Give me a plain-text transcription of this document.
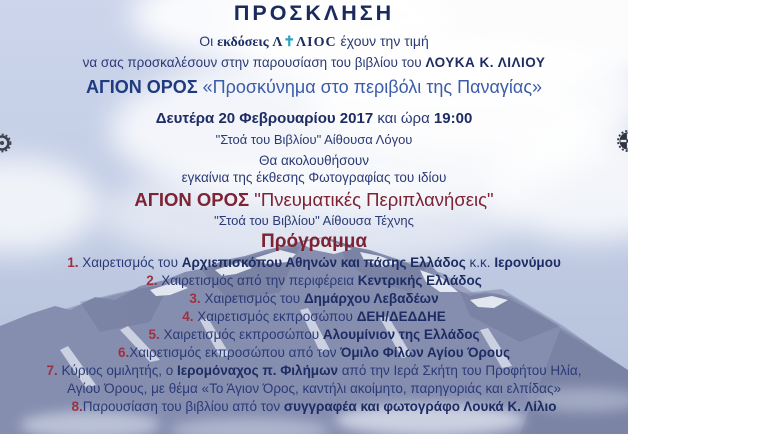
ΠΡΟΣΚΛΗΣΗ
Οι εκδόσεις Λ✝ΛΙΟC έχουν την τιμή
να σας προσκαλέσουν στην παρουσίαση του βιβλίου του ΛΟΥΚΑ Κ. ΛΙΛΙΟΥ
ΑΓΙΟΝ ΟΡΟΣ «Προσκύνημα στο περιβόλι της Παναγίας»
Δευτέρα 20 Φεβρουαρίου 2017 και ώρα 19:00
"Στοά του Βιβλίου" Αίθουσα Λόγου
Θα ακολουθήσουν
εγκαίνια της έκθεσης Φωτογραφίας του ιδίου
ΑΓΙΟΝ ΟΡΟΣ "Πνευματικές Περιπλανήσεις"
"Στοά του Βιβλίου" Αίθουσα Τέχνης
Πρόγραμμα
1. Χαιρετισμός του Αρχιεπισκόπου Αθηνών και πάσης Ελλάδος κ.κ. Ιερονύμου
2. Χαιρετισμός από την περιφέρεια Κεντρικής Ελλάδος
3. Χαιρετισμός του Δημάρχου Λεβαδέων
4. Χαιρετισμός εκπροσώπου ΔΕΗ/ΔΕΔΔΗΕ
5. Χαιρετισμός εκπροσώπου Αλουμίνιον της Ελλάδος
6.Χαιρετισμός εκπροσώπου από τον Όμιλο Φίλων Αγίου Όρους
7. Κύριος ομιλητής, ο Ιερομόναχος π. Φιλήμων από την Ιερά Σκήτη του Προφήτου Ηλία,
Αγίου Όρους, με θέμα «Το Άγιον Όρος, καντήλι ακοίμητο, παρηγοριάς και ελπίδας»
8.Παρουσίαση του βιβλίου από τον συγγραφέα και φωτογράφο Λουκά Κ. Λίλιο
